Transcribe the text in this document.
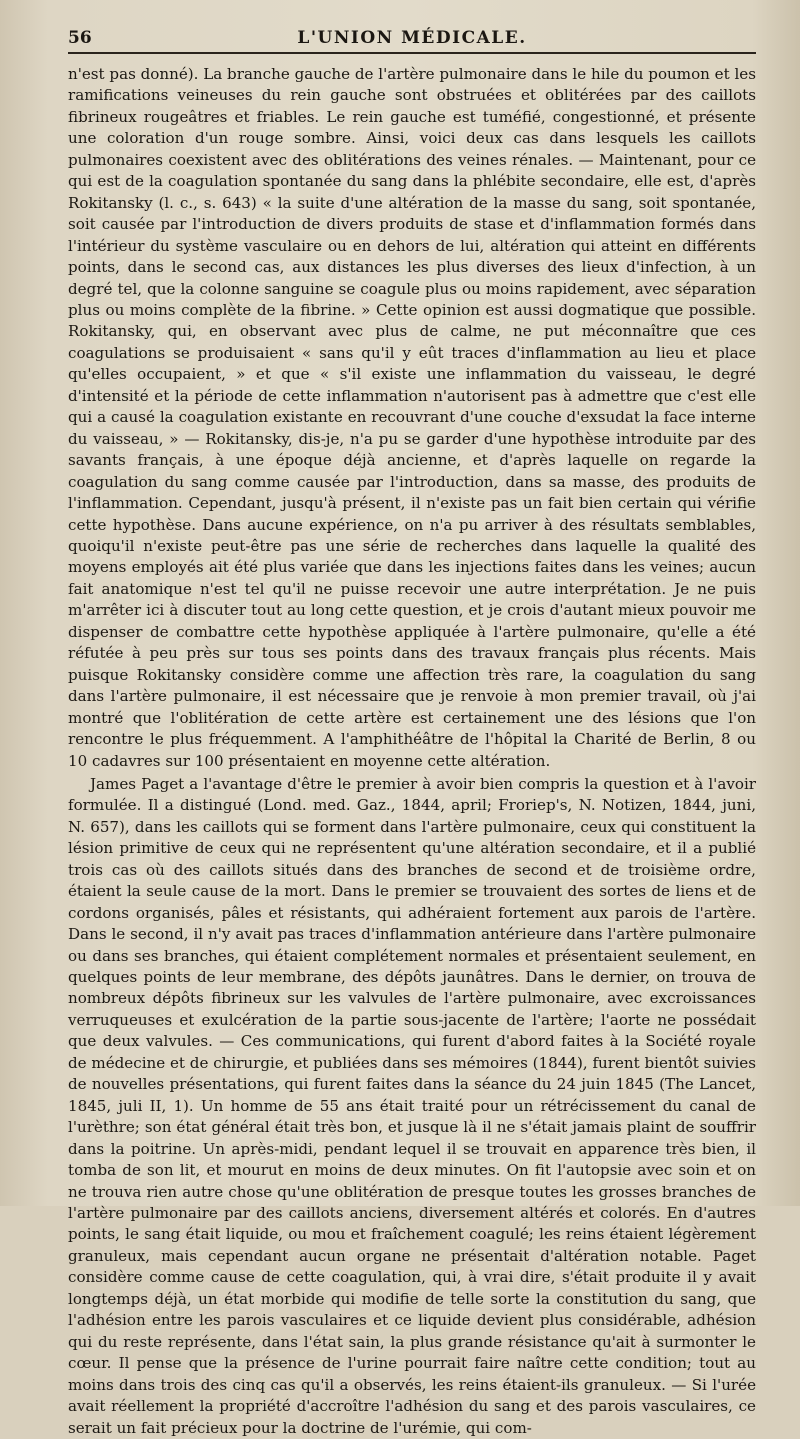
56	L'UNION MÉDICALE.

n'est pas donné). La branche gauche de l'artère pulmonaire dans le hile du poumon et les ramifications veineuses du rein gauche sont obstruées et oblitérées par des caillots fibrineux rougeâtres et friables. Le rein gauche est tuméfié, congestionné, et présente une coloration d'un rouge sombre. Ainsi, voici deux cas dans lesquels les caillots pulmonaires coexistent avec des oblitérations des veines rénales. — Maintenant, pour ce qui est de la coagulation spontanée du sang dans la phlébite secondaire, elle est, d'après Rokitansky (l. c., s. 643) « la suite d'une altération de la masse du sang, soit spontanée, soit causée par l'introduction de divers produits de stase et d'inflammation formés dans l'intérieur du système vasculaire ou en dehors de lui, altération qui atteint en différents points, dans le second cas, aux distances les plus diverses des lieux d'infection, à un degré tel, que la colonne sanguine se coagule plus ou moins rapidement, avec séparation plus ou moins complète de la fibrine. » Cette opinion est aussi dogmatique que possible. Rokitansky, qui, en observant avec plus de calme, ne put méconnaître que ces coagulations se produisaient « sans qu'il y eût traces d'inflammation au lieu et place qu'elles occupaient, » et que « s'il existe une inflammation du vaisseau, le degré d'intensité et la période de cette inflammation n'autorisent pas à admettre que c'est elle qui a causé la coagulation existante en recouvrant d'une couche d'exsudat la face interne du vaisseau, » — Rokitansky, dis-je, n'a pu se garder d'une hypothèse introduite par des savants français, à une époque déjà ancienne, et d'après laquelle on regarde la coagulation du sang comme causée par l'introduction, dans sa masse, des produits de l'inflammation. Cependant, jusqu'à présent, il n'existe pas un fait bien certain qui vérifie cette hypothèse. Dans aucune expérience, on n'a pu arriver à des résultats semblables, quoiqu'il n'existe peut-être pas une série de recherches dans laquelle la qualité des moyens employés ait été plus variée que dans les injections faites dans les veines; aucun fait anatomique n'est tel qu'il ne puisse recevoir une autre interprétation. Je ne puis m'arrêter ici à discuter tout au long cette question, et je crois d'autant mieux pouvoir me dispenser de combattre cette hypothèse appliquée à l'artère pulmonaire, qu'elle a été réfutée à peu près sur tous ses points dans des travaux français plus récents. Mais puisque Rokitansky considère comme une affection très rare, la coagulation du sang dans l'artère pulmonaire, il est nécessaire que je renvoie à mon premier travail, où j'ai montré que l'oblitération de cette artère est certainement une des lésions que l'on rencontre le plus fréquemment. A l'amphithéâtre de l'hôpital la Charité de Berlin, 8 ou 10 cadavres sur 100 présentaient en moyenne cette altération.

James Paget a l'avantage d'être le premier à avoir bien compris la question et à l'avoir formulée. Il a distingué (Lond. med. Gaz., 1844, april; Froriep's, N. Notizen, 1844, juni, N. 657), dans les caillots qui se forment dans l'artère pulmonaire, ceux qui constituent la lésion primitive de ceux qui ne représentent qu'une altération secondaire, et il a publié trois cas où des caillots situés dans des branches de second et de troisième ordre, étaient la seule cause de la mort. Dans le premier se trouvaient des sortes de liens et de cordons organisés, pâles et résistants, qui adhéraient fortement aux parois de l'artère. Dans le second, il n'y avait pas traces d'inflammation antérieure dans l'artère pulmonaire ou dans ses branches, qui étaient complétement normales et présentaient seulement, en quelques points de leur membrane, des dépôts jaunâtres. Dans le dernier, on trouva de nombreux dépôts fibrineux sur les valvules de l'artère pulmonaire, avec excroissances verruqueuses et exulcération de la partie sous-jacente de l'artère; l'aorte ne possédait que deux valvules. — Ces communications, qui furent d'abord faites à la Société royale de médecine et de chirurgie, et publiées dans ses mémoires (1844), furent bientôt suivies de nouvelles présentations, qui furent faites dans la séance du 24 juin 1845 (The Lancet, 1845, juli II, 1). Un homme de 55 ans était traité pour un rétrécissement du canal de l'urèthre; son état général était très bon, et jusque là il ne s'était jamais plaint de souffrir dans la poitrine. Un après-midi, pendant lequel il se trouvait en apparence très bien, il tomba de son lit, et mourut en moins de deux minutes. On fit l'autopsie avec soin et on ne trouva rien autre chose qu'une oblitération de presque toutes les grosses branches de l'artère pulmonaire par des caillots anciens, diversement altérés et colorés. En d'autres points, le sang était liquide, ou mou et fraîchement coagulé; les reins étaient légèrement granuleux, mais cependant aucun organe ne présentait d'altération notable. Paget considère comme cause de cette coagulation, qui, à vrai dire, s'était produite il y avait longtemps déjà, un état morbide qui modifie de telle sorte la constitution du sang, que l'adhésion entre les parois vasculaires et ce liquide devient plus considérable, adhésion qui du reste représente, dans l'état sain, la plus grande résistance qu'ait à surmonter le cœur. Il pense que la présence de l'urine pourrait faire naître cette condition; tout au moins dans trois des cinq cas qu'il a observés, les reins étaient-ils granuleux. — Si l'urée avait réellement la propriété d'accroître l'adhésion du sang et des parois vasculaires, ce serait un fait précieux pour la doctrine de l'urémie, qui com-
